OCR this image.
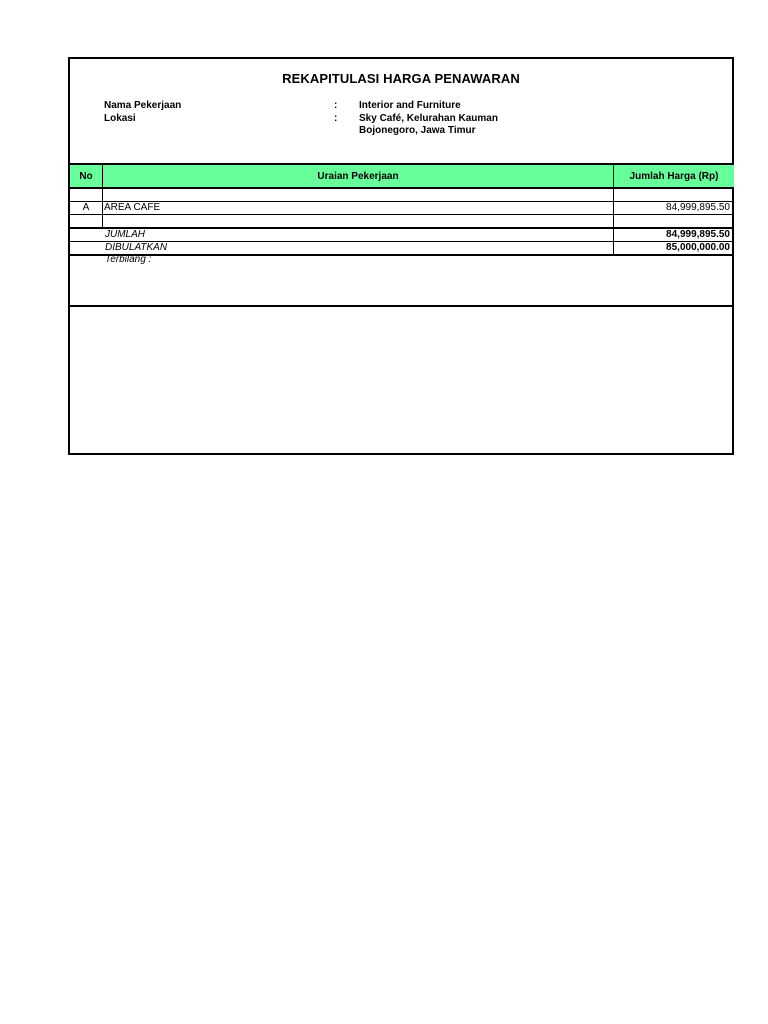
REKAPITULASI HARGA PENAWARAN
Nama Pekerjaan	: Interior and Furniture
Lokasi	: Sky Café, Kelurahan Kauman
Bojonegoro, Jawa Timur
No	Uraian Pekerjaan	Jumlah Harga (Rp)
A	AREA CAFE	84,999,895.50
JUMLAH	84,999,895.50
DIBULATKAN	85,000,000.00
Terbilang :
